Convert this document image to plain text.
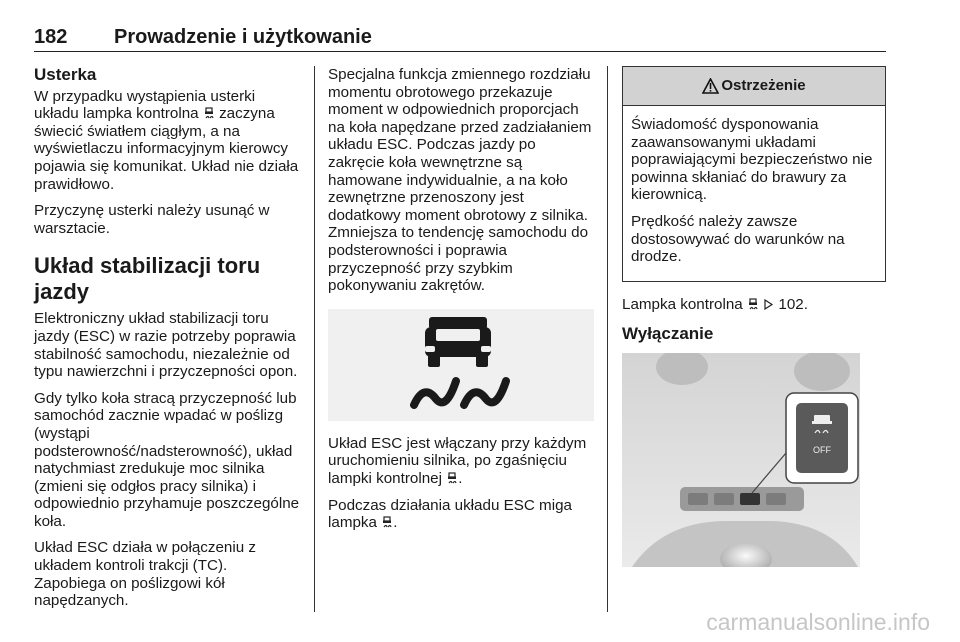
182 Prowadzenie i użytkowanie
Usterka

W przypadku wystąpienia usterki układu lampka kontrolna  zaczyna świecić światłem ciągłym, a na wyświetlaczu informacyjnym kierowcy pojawia się komunikat. Układ nie działa prawidłowo.

Przyczynę usterki należy usunąć w warsztacie.

Układ stabilizacji toru jazdy

Elektroniczny układ stabilizacji toru jazdy (ESC) w razie potrzeby poprawia stabilność samochodu, niezależnie od typu nawierzchni i przyczepności opon.

Gdy tylko koła stracą przyczepność lub samochód zacznie wpadać w poślizg (wystąpi podsterowność/nadsterowność), układ natychmiast zredukuje moc silnika (zmieni się odgłos pracy silnika) i odpowiednio przyhamuje poszczególne koła.

Układ ESC działa w połączeniu z układem kontroli trakcji (TC). Zapobiega on poślizgowi kół napędzanych.

Specjalna funkcja zmiennego rozdziału momentu obrotowego przekazuje moment w odpowiednich proporcjach na koła napędzane przed zadziałaniem układu ESC. Podczas jazdy po zakręcie koła wewnętrzne są hamowane indywidualnie, a na koło zewnętrzne przenoszony jest dodatkowy moment obrotowy z silnika. Zmniejsza to tendencję samochodu do podsterowności i poprawia przyczepność przy szybkim pokonywaniu zakrętów.

Układ ESC jest włączany przy każdym uruchomieniu silnika, po zgaśnięciu lampki kontrolnej .

Podczas działania układu ESC miga lampka .

Ostrzeżenie

Świadomość dysponowania zaawansowanymi układami poprawiającymi bezpieczeństwo nie powinna skłaniać do brawury za kierownicą.

Prędkość należy zawsze dostosowywać do warunków na drodze.

Lampka kontrolna   102.

Wyłączanie
OFF
carmanualsonline.info
